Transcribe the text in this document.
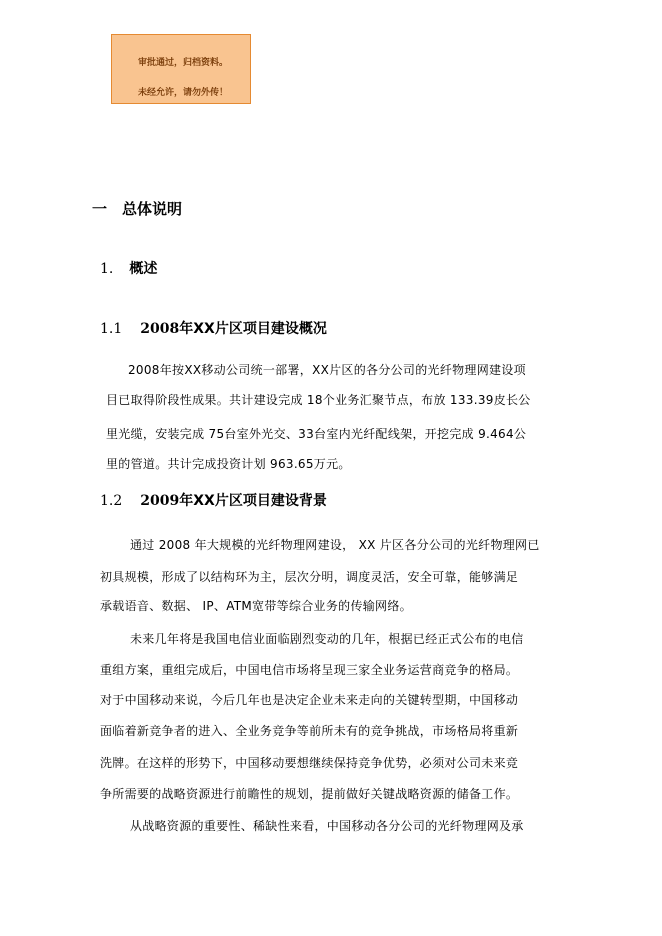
审批通过，归档资料。
未经允许，请勿外传！
一 总体说明
1. 概述
1.1 2008年XX片区项目建设概况
2008年按XX移动公司统一部署，XX片区的各分公司的光纤物理网建设项
目已取得阶段性成果。共计建设完成 18个业务汇聚节点，布放 133.39皮长公
里光缆，安装完成 75台室外光交、33台室内光纤配线架，开挖完成 9.464公
里的管道。共计完成投资计划 963.65万元。
1.2 2009年XX片区项目建设背景
通过 2008 年大规模的光纤物理网建设， XX 片区各分公司的光纤物理网已
初具规模，形成了以结构环为主，层次分明，调度灵活，安全可靠，能够满足
承载语音、数据、 IP、ATM宽带等综合业务的传输网络。
未来几年将是我国电信业面临剧烈变动的几年，根据已经正式公布的电信
重组方案，重组完成后，中国电信市场将呈现三家全业务运营商竞争的格局。
对于中国移动来说，今后几年也是决定企业未来走向的关键转型期，中国移动
面临着新竞争者的进入、全业务竞争等前所未有的竞争挑战，市场格局将重新
洗牌。在这样的形势下，中国移动要想继续保持竞争优势，必须对公司未来竞
争所需要的战略资源进行前瞻性的规划，提前做好关键战略资源的储备工作。
从战略资源的重要性、稀缺性来看，中国移动各分公司的光纤物理网及承
